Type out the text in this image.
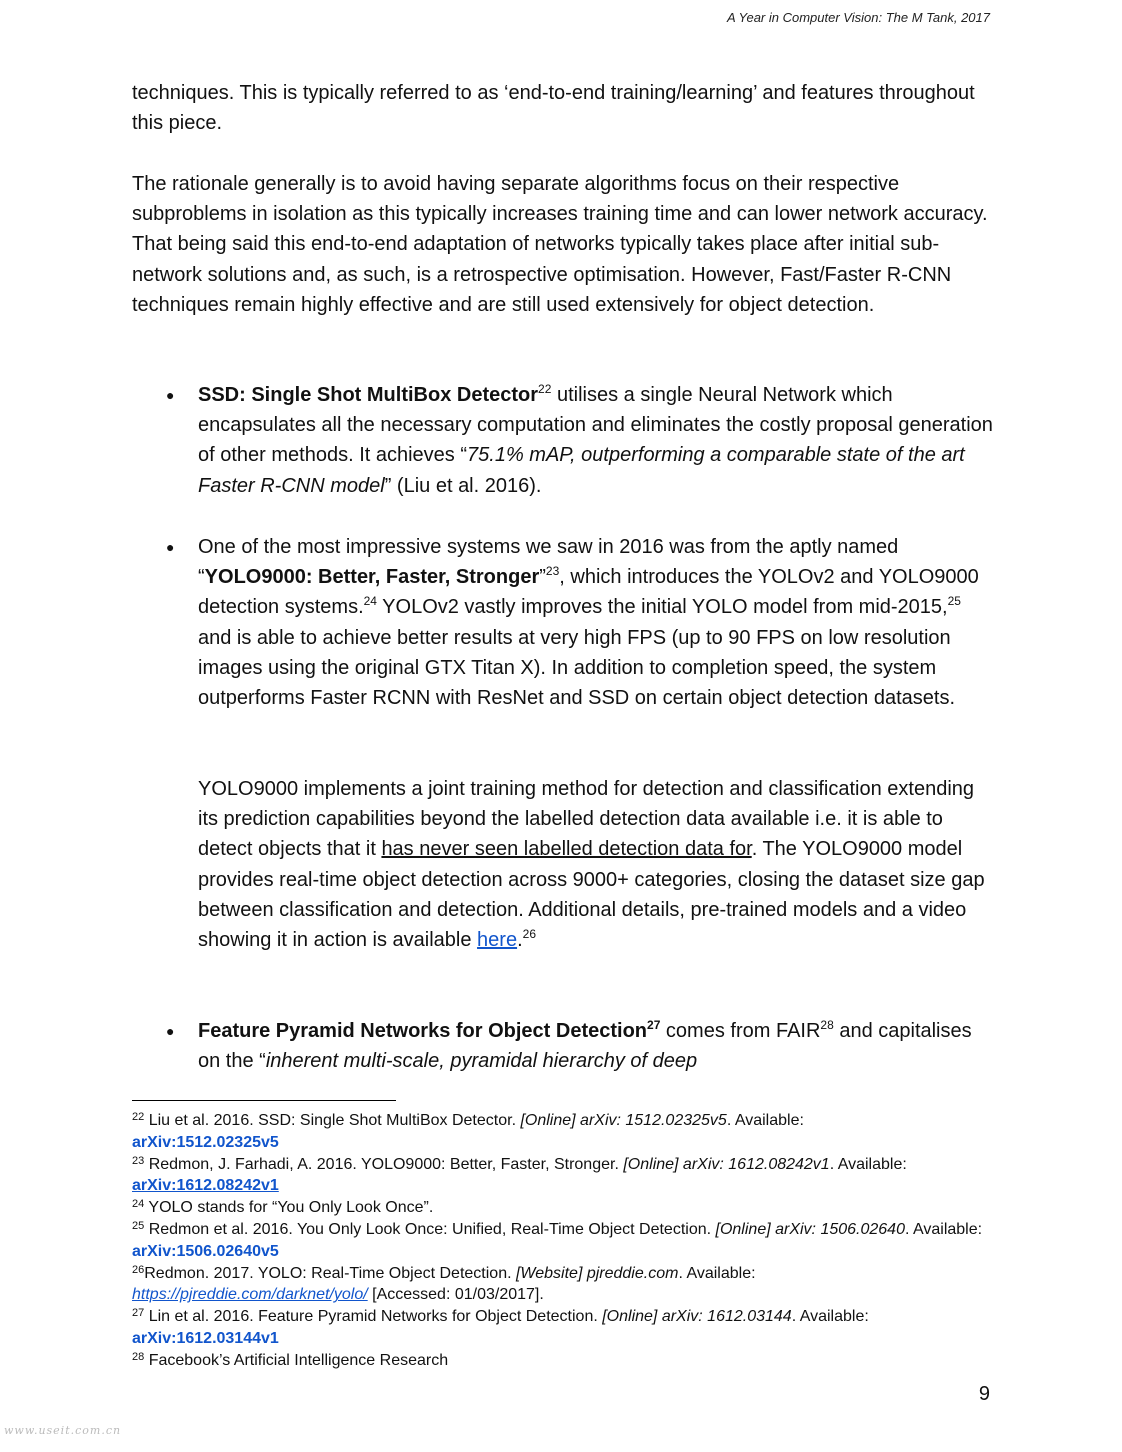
A Year in Computer Vision: The M Tank, 2017

techniques. This is typically referred to as ‘end-to-end training/learning’ and features throughout this piece.

The rationale generally is to avoid having separate algorithms focus on their respective subproblems in isolation as this typically increases training time and can lower network accuracy. That being said this end-to-end adaptation of networks typically takes place after initial sub-network solutions and, as such, is a retrospective optimisation. However, Fast/Faster R-CNN techniques remain highly effective and are still used extensively for object detection.

● SSD: Single Shot MultiBox Detector$^{22}$ utilises a single Neural Network which encapsulates all the necessary computation and eliminates the costly proposal generation of other methods. It achieves “75.1% mAP, outperforming a comparable state of the art Faster R-CNN model” (Liu et al. 2016).
● One of the most impressive systems we saw in 2016 was from the aptly named “YOLO9000: Better, Faster, Stronger”$^{23}$, which introduces the YOLOv2 and YOLO9000 detection systems.$^{24}$ YOLOv2 vastly improves the initial YOLO model from mid-2015,25 and is able to achieve better results at very high FPS (up to 90 FPS on low resolution images using the original GTX Titan X). In addition to completion speed, the system outperforms Faster RCNN with ResNet and SSD on certain object detection datasets.
YOLO9000 implements a joint training method for detection and classification extending its prediction capabilities beyond the labelled detection data available i.e. it is able to detect objects that it has never seen labelled detection data for. The YOLO9000 model provides real-time object detection across 9000+ categories, closing the dataset size gap between classification and detection. Additional details, pre-trained models and a video showing it in action is available here.$^{26}$
● Feature Pyramid Networks for Object Detection$^{27}$ comes from FAIR$^{28}$ and capitalises on the “inherent multi-scale, pyramidal hierarchy of deep
$^{22}$ Liu et al. 2016. SSD: Single Shot MultiBox Detector. [Online] arXiv: 1512.02325v5. Available:
arXiv:1512.02325v5
$^{23}$ Redmon, J. Farhadi, A. 2016. YOLO9000: Better, Faster, Stronger. [Online] arXiv: 1612.08242v1. Available: arXiv:1612.08242v1
$^{24}$ YOLO stands for “You Only Look Once”.
$^{25}$ Redmon et al. 2016. You Only Look Once: Unified, Real-Time Object Detection. [Online] arXiv: 1506.02640. Available: arXiv:1506.02640v5
$^{26}$Redmon. 2017. YOLO: Real-Time Object Detection. [Website] pjreddie.com. Available:
https://pjreddie.com/darknet/yolo/ [Accessed: 01/03/2017].
$^{27}$ Lin et al. 2016. Feature Pyramid Networks for Object Detection. [Online] arXiv: 1612.03144. Available:
arXiv:1612.03144v1
$^{28}$ Facebook’s Artificial Intelligence Research
9
www.useit.com.cn
